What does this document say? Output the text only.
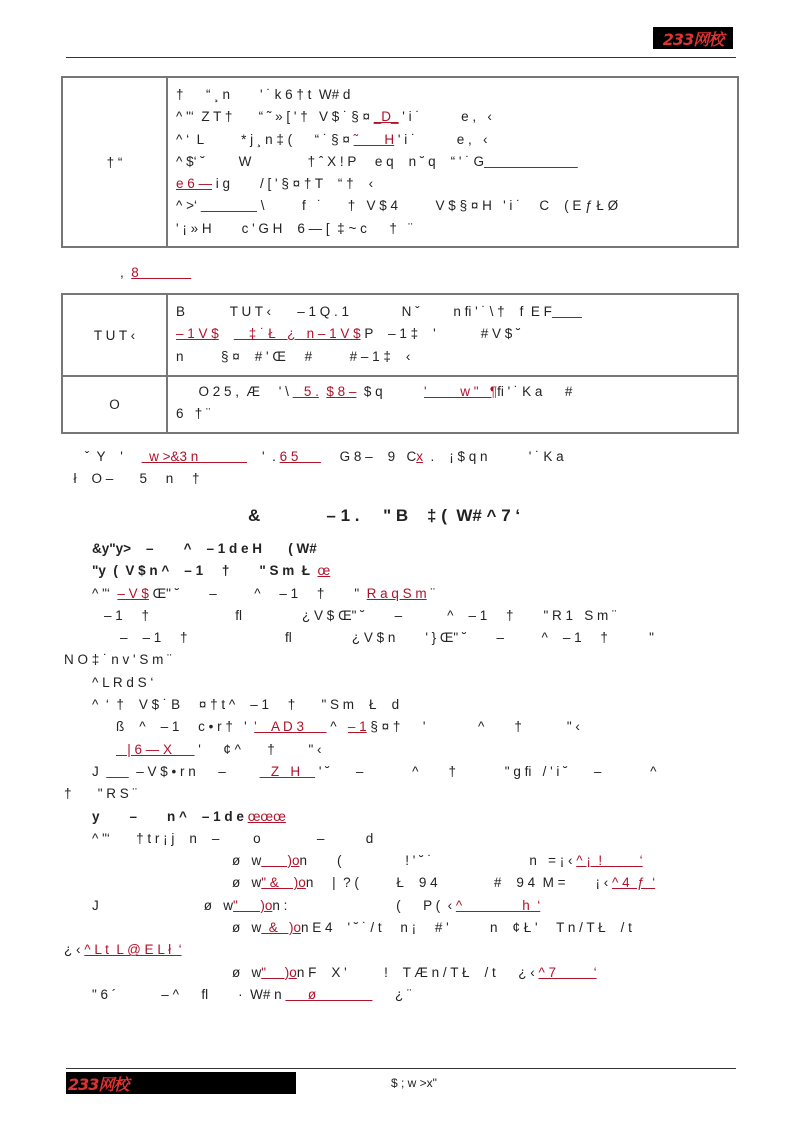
233网校
† “
†      “ ¸ n        ' ˙ k 6 † t  W# d
^ "‘  Z T †       “ ˜ » [ ' †   V $ ˙ § ¤ _D_ ' i ˙           e ,   ‹
^ ‘  L          * j ¸ n ‡ (      “ ˙ § ¤ ˜       H ' i ˙           e ,   ‹
^ $‘ ˘         W               † ˆ X ! P     e q    n ˘ q    “ ' ˙ G
e 6 — i g        / [ ' § ¤ † T    “ †    ‹
^ >‘	\          f   ˙       †   V $ 4          V $ § ¤ H   ' i ˙     C    ( E ƒ Ł Ø
' ¡ » H        c ' G H    6 — [  ‡ ~ c      †   ¨
,  8
T U T ‹
B            T U T ‹       – 1 Q . 1              N ˇ         n fi ' ˙ \ †    f  E F
– 1 V $        ‡ ˙ Ł   ¿   n – 1 V $ P    – 1 ‡    '            # V $ ˘
n          § ¤    # ' Œ     #          # – 1 ‡    ‹
O
O 2 5 ,  Æ     ' \    5 . $ 8 –  $ q           '         w "   ¶fi ' ˙ K a      #
6   † ¨
ˇ  Y    '       w >&3 n                 '  . 6 5           G 8 –    9   Cx  .    ¡ $ q n           ' ˙ K a
ł    O –       5     n     †
&              – 1 .     " B    ‡ (  W# ^ 7 ‘
&y"y>    –        ^    – 1 d e H       ( W#
"y  (  V $ n ^    – 1     †        " S m  Ł  œ
^ "‘  – V $ Œ" ˘        –          ^     – 1     †        "  R a q S m ¨
– 1     †                       fl                ¿ V $ Œ" ˘        –            ^    – 1     †        " R 1   S m ¨
–    – 1     †                          fl                ¿ V $ n        ' } Œ" ˘        –          ^    – 1     †           "
N O ‡ ˙ n v ' S m ¨
^ L R d S ‘
^  ‘  †    V $ ˙ B     ¤ † t ^    – 1     †       " S m    Ł    d
ß    ^    – 1     c • r †   '  '    A D 3       ^   – 1 § ¤ †      '              ^        †            " ‹
| 6 — X       '      ¢ ^       †         " ‹
J          – V $ • r n      –            Z   H     ' ˘       –             ^        †             " g fi   / ' i ˘       –             ^
†       " R S ¨
y        –        n ^    – 1 d e œœœ
^ "‘       † t r ¡ j    n    –         o               –           d
ø   w       )on        (                 ! ' ˘ ˙                          n   = ¡ ‹ ^ ¡  !          ‘
ø   w" &    )on     |  ? (          Ł    9 4               #    9 4  M =        ¡ ‹ ^ 4  ƒ  ‘
J                            ø   w"      )on :                             (      P (  ‹ ^                h  ‘
ø   w  &   )on E 4    ' ˘ ˙ / t     n ¡     # '           n    ¢ Ł '     T n / T Ł    / t
¿ ‹ ^ L t  L @ E L ł  ‘
ø   w"     )on F    X '          !    T Æ n / T Ł    / t      ¿ ‹ ^ 7          ‘
" 6 ´            – ^      fl        ·  W# n       ø                     ¿ ¨
233网校	$ ; w >x"
